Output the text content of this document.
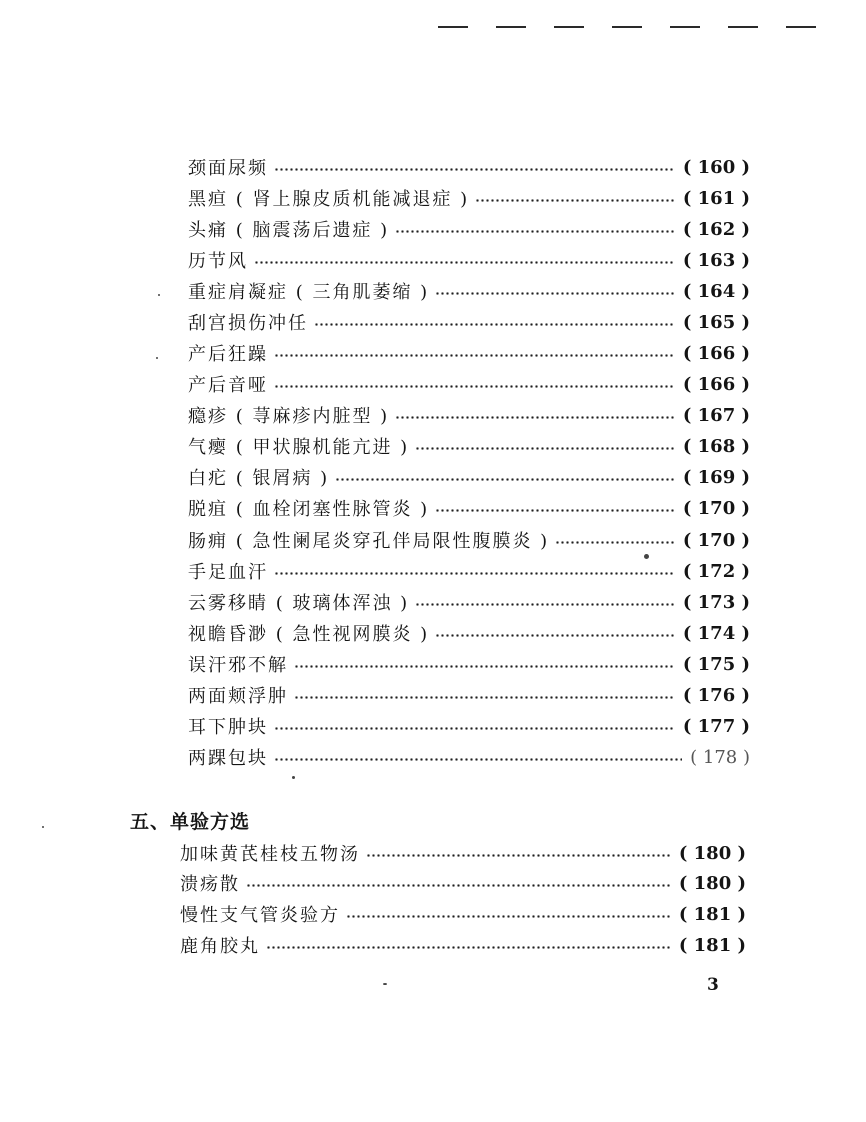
颈面尿频	( 160 )
黑疸 ( 肾上腺皮质机能减退症 )	( 161 )
头痛 ( 脑震荡后遗症 )	( 162 )
历节风	( 163 )
重症肩凝症 ( 三角肌萎缩 )	( 164 )
刮宫损伤冲任	( 165 )
产后狂躁	( 166 )
产后音哑	( 166 )
瘾疹 ( 荨麻疹内脏型 )	( 167 )
气瘿 ( 甲状腺机能亢进 )	( 168 )
白疕 ( 银屑病 )	( 169 )
脱疽 ( 血栓闭塞性脉管炎 )	( 170 )
肠痈 ( 急性阑尾炎穿孔伴局限性腹膜炎 )	( 170 )
手足血汗	( 172 )
云雾移睛 ( 玻璃体浑浊 )	( 173 )
视瞻昏渺 ( 急性视网膜炎 )	( 174 )
误汗邪不解	( 175 )
两面颊浮肿	( 176 )
耳下肿块	( 177 )
两踝包块	( 178 )
五、单验方选
加味黄芪桂枝五物汤	( 180 )
溃疡散	( 180 )
慢性支气管炎验方	( 181 )
鹿角胶丸	( 181 )
3
